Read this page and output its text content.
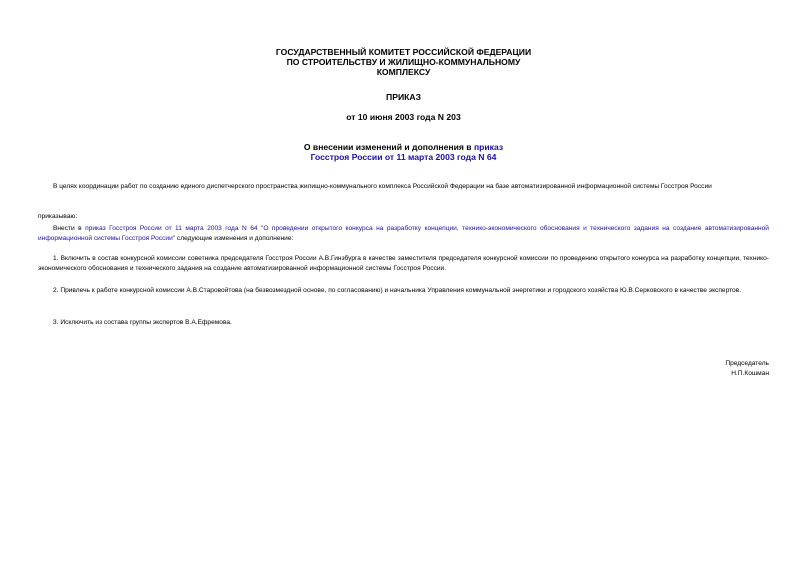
ГОСУДАРСТВЕННЫЙ КОМИТЕТ РОССИЙСКОЙ ФЕДЕРАЦИИ
ПО СТРОИТЕЛЬСТВУ И ЖИЛИЩНО-КОММУНАЛЬНОМУ
КОМПЛЕКСУ
ПРИКАЗ
от 10 июня 2003 года N 203
О внесении изменений и дополнения в приказ
Госстроя России от 11 марта 2003 года N 64
В целях координации работ по созданию единого диспетчерского пространства жилищно-коммунального комплекса Российской Федерации на базе автоматизированной информационной системы Госстроя России
приказываю:
Внести в приказ Госстроя России от 11 марта 2003 года N 64 "О проведении открытого конкурса на разработку концепции, технико-экономического обоснования и технического задания на создание автоматизированной информационной системы Госстроя России" следующие изменения и дополнение:
1. Включить в состав конкурсной комиссии советника председателя Госстроя России А.В.Гинзбурга в качестве заместителя председателя конкурсной комиссии по проведению открытого конкурса на разработку концепции, технико-экономического обоснования и технического задания на создание автоматизированной информационной системы Госстроя России.
2. Привлечь к работе конкурсной комиссии А.В.Старовойтова (на безвозмездной основе, по согласованию) и начальника Управления коммунальной энергетики и городского хозяйства Ю.В.Серковского в качестве экспертов.
3. Исключить из состава группы экспертов В.А.Ефремова.
Председатель
Н.П.Кошман
